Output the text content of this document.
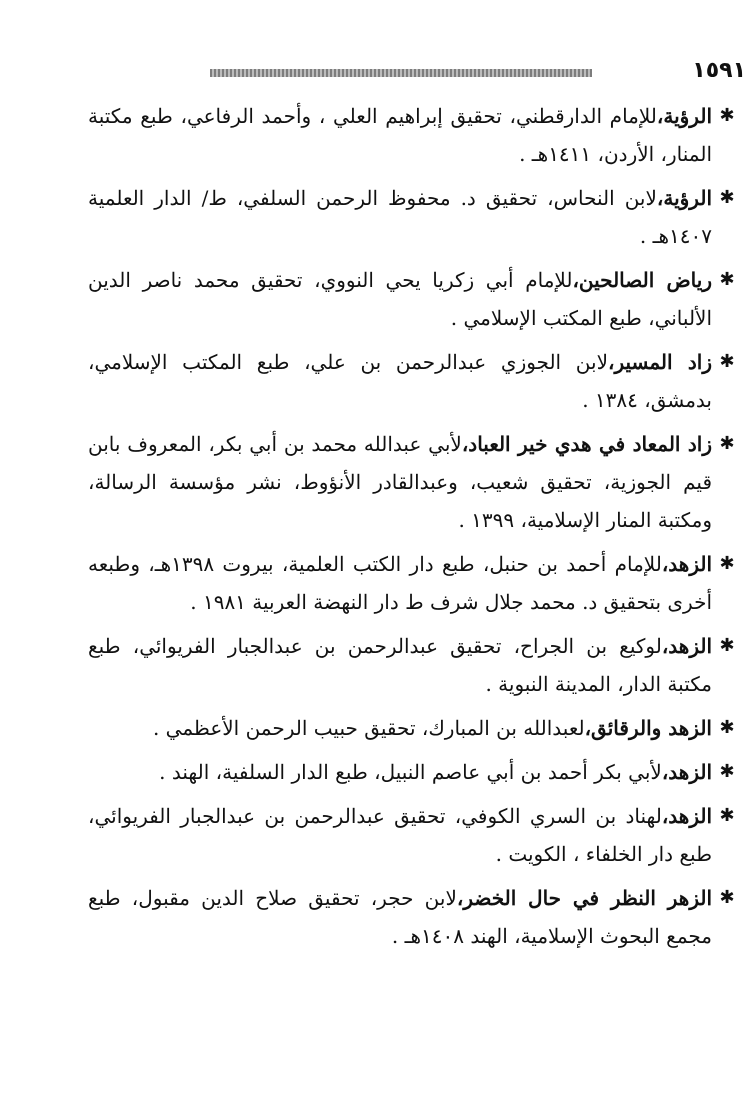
١٥٩١
✱
الرؤية،للإمام الدارقطني، تحقيق إبراهيم العلي ، وأحمد الرفاعي، طبع مكتبة المنار، الأردن، ١٤١١هـ .
✱
الرؤية،لابن النحاس، تحقيق د. محفوظ الرحمن السلفي، ط/ الدار العلمية ١٤٠٧هـ .
✱
رياض الصالحين،للإمام أبي زكريا يحي النووي، تحقيق محمد ناصر الدين الألباني، طبع المكتب الإسلامي .
✱
زاد المسير،لابن الجوزي عبدالرحمن بن علي، طبع المكتب الإسلامي، بدمشق، ١٣٨٤ .
✱
زاد المعاد في هدي خير العباد،لأبي عبدالله محمد بن أبي بكر، المعروف بابن قيم الجوزية، تحقيق شعيب، وعبدالقادر الأنؤوط، نشر مؤسسة الرسالة، ومكتبة المنار الإسلامية، ١٣٩٩ .
✱
الزهد،للإمام أحمد بن حنبل، طبع دار الكتب العلمية، بيروت ١٣٩٨هـ، وطبعه أخرى بتحقيق د. محمد جلال شرف ط دار النهضة العربية ١٩٨١ .
✱
الزهد،لوكيع بن الجراح، تحقيق عبدالرحمن بن عبدالجبار الفريوائي، طبع مكتبة الدار، المدينة النبوية .
✱
الزهد والرقائق،لعبدالله بن المبارك، تحقيق حبيب الرحمن الأعظمي .
✱
الزهد،لأبي بكر أحمد بن أبي عاصم النبيل، طبع الدار السلفية، الهند .
✱
الزهد،لهناد بن السري الكوفي، تحقيق عبدالرحمن بن عبدالجبار الفريوائي، طبع دار الخلفاء ، الكويت .
✱
الزهر النظر في حال الخضر،لابن حجر، تحقيق صلاح الدين مقبول، طبع مجمع البحوث الإسلامية، الهند ١٤٠٨هـ .
